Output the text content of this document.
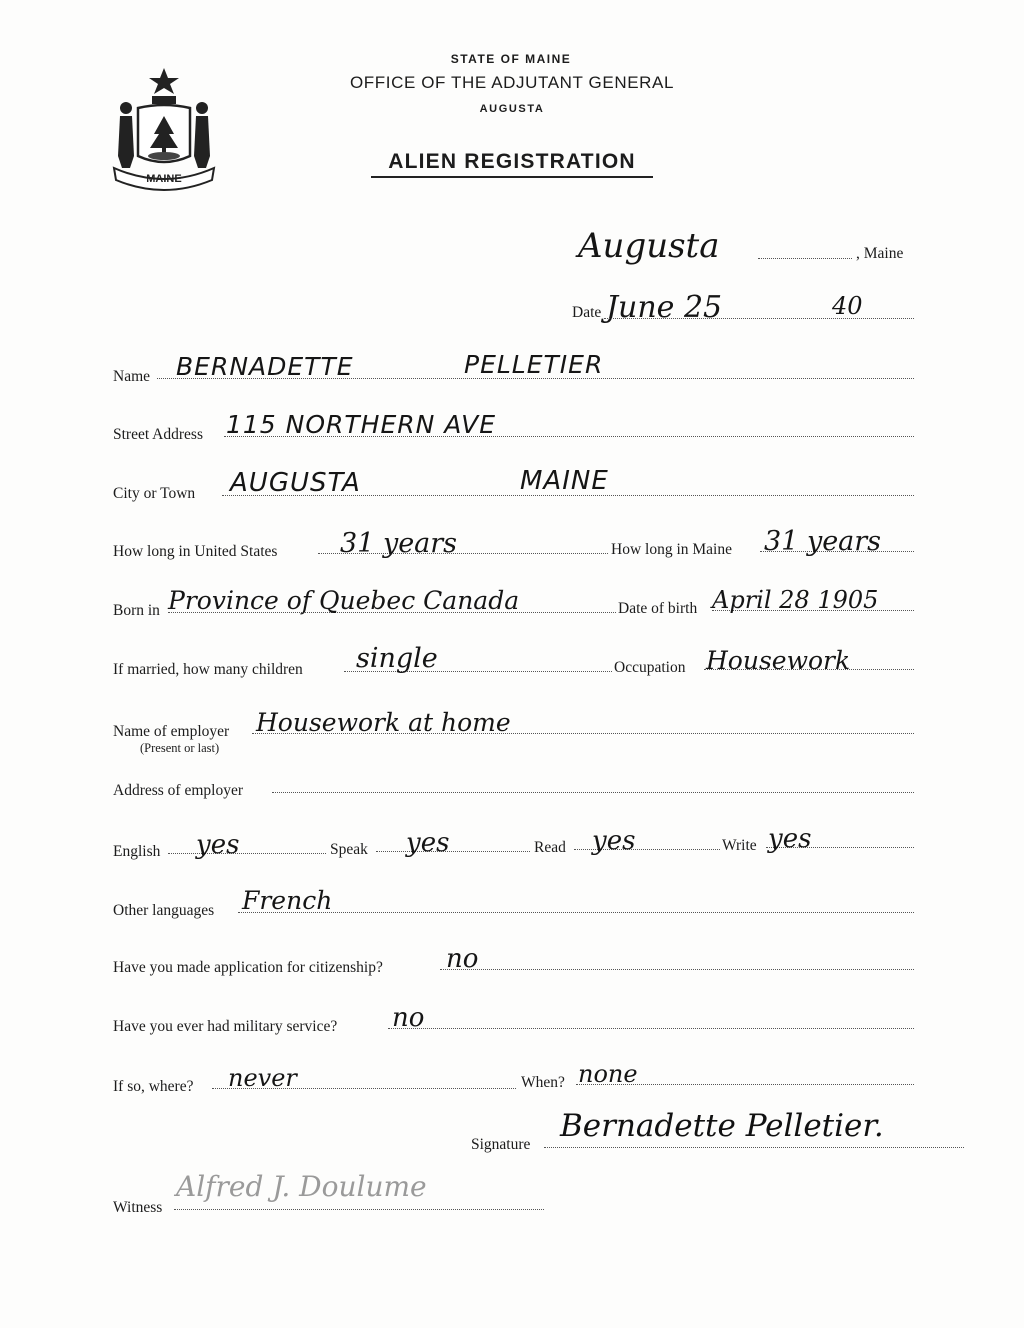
MAINE
STATE OF MAINE
OFFICE OF THE ADJUTANT GENERAL
AUGUSTA
ALIEN REGISTRATION
Augusta	, Maine
Date June 25	40
Name BERNADETTE	PELLETIER
Street Address 115 NORTHERN AVE
City or Town AUGUSTA	MAINE
How long in United States 31 years	How long in Maine 31 years
Born in Province of Quebec Canada	Date of birth April 28 1905
If married, how many children single	Occupation Housework
Name of employer
(Present or last)
Housework at home
Address of employer
English yes	Speak yes	Read yes	Write yes
Other languages French
Have you made application for citizenship? no
Have you ever had military service? no
If so, where? never	When? none
Signature
Bernadette Pelletier.
Witness
Alfred J. Doulume
